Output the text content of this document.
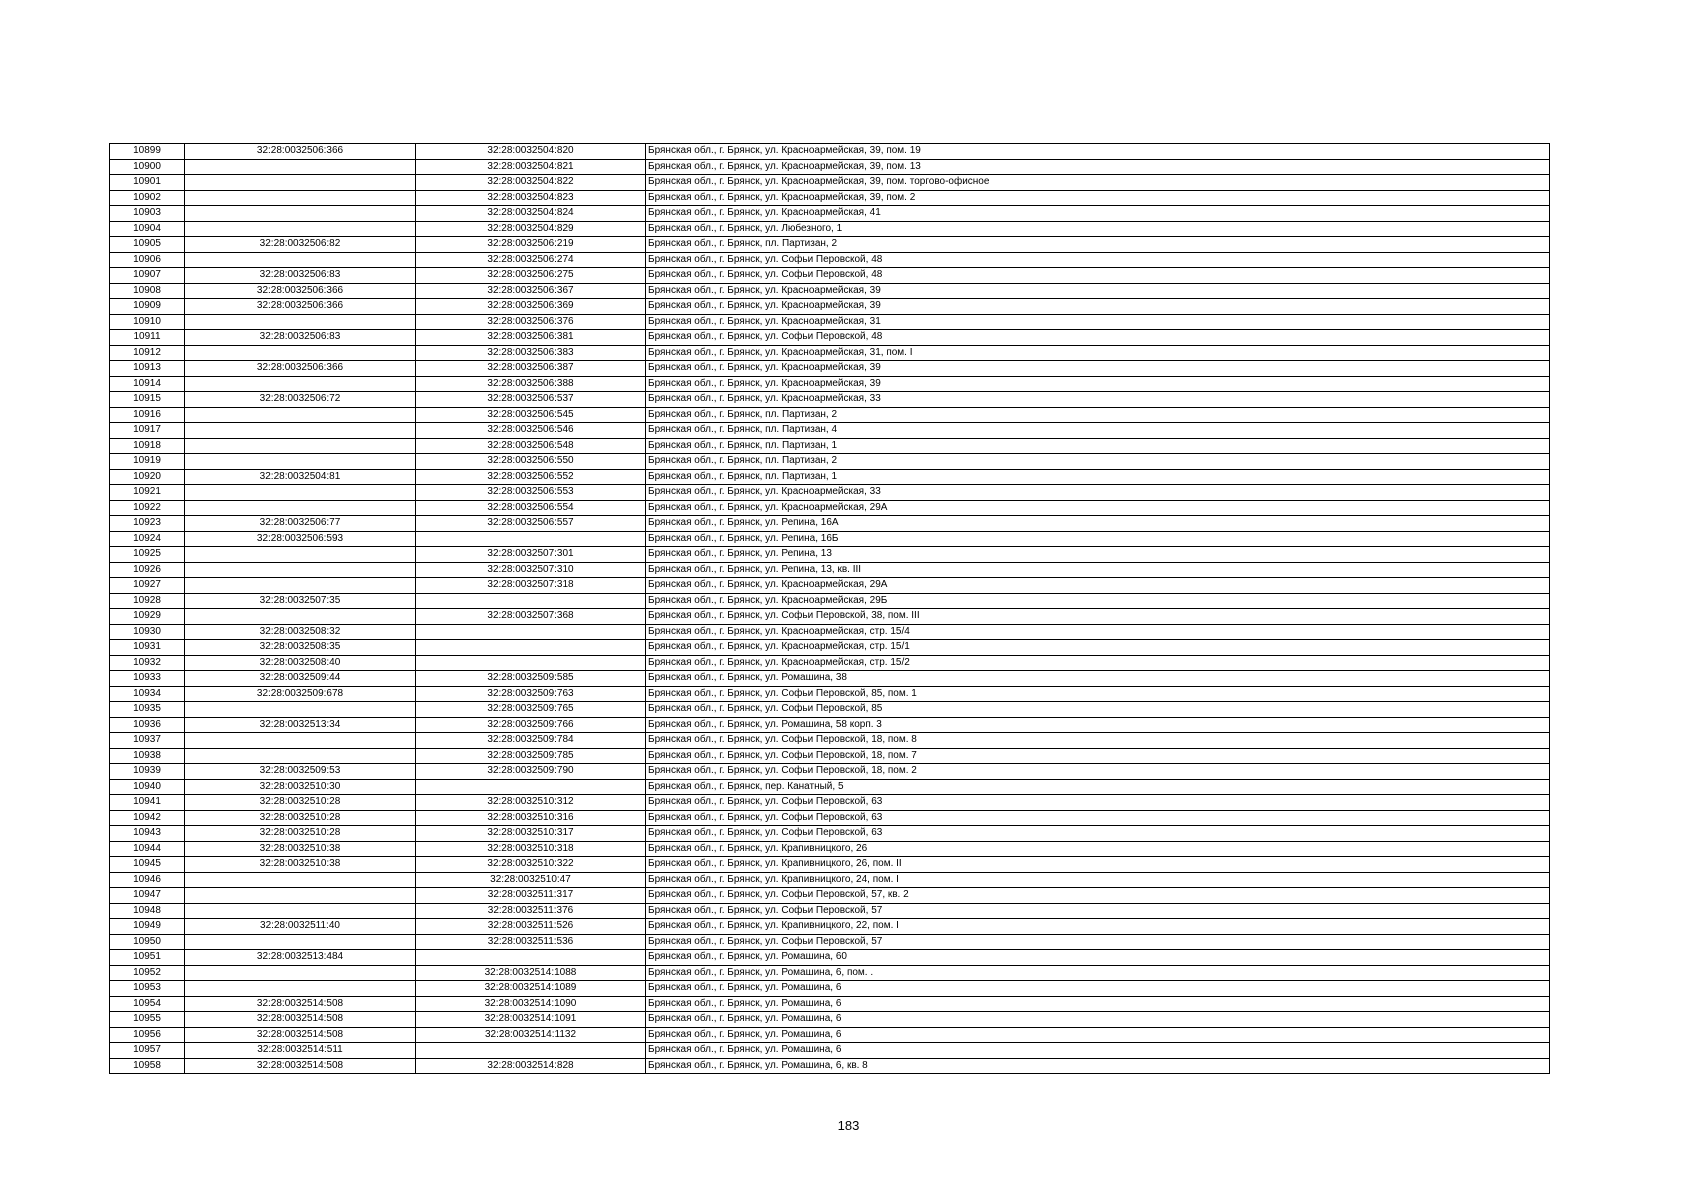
10899	32:28:0032506:366	32:28:0032504:820	Брянская обл., г. Брянск, ул. Красноармейская, 39, пом. 19
10900		32:28:0032504:821	Брянская обл., г. Брянск, ул. Красноармейская, 39, пом. 13
10901		32:28:0032504:822	Брянская обл., г. Брянск, ул. Красноармейская, 39, пом. торгово-офисное
10902		32:28:0032504:823	Брянская обл., г. Брянск, ул. Красноармейская, 39, пом. 2
10903		32:28:0032504:824	Брянская обл., г. Брянск, ул. Красноармейская, 41
10904		32:28:0032504:829	Брянская обл., г. Брянск, ул. Любезного, 1
10905	32:28:0032506:82	32:28:0032506:219	Брянская обл., г. Брянск, пл. Партизан, 2
10906		32:28:0032506:274	Брянская обл., г. Брянск, ул. Софьи Перовской, 48
10907	32:28:0032506:83	32:28:0032506:275	Брянская обл., г. Брянск, ул. Софьи Перовской, 48
10908	32:28:0032506:366	32:28:0032506:367	Брянская обл., г. Брянск, ул. Красноармейская, 39
10909	32:28:0032506:366	32:28:0032506:369	Брянская обл., г. Брянск, ул. Красноармейская, 39
10910		32:28:0032506:376	Брянская обл., г. Брянск, ул. Красноармейская, 31
10911	32:28:0032506:83	32:28:0032506:381	Брянская обл., г. Брянск, ул. Софьи Перовской, 48
10912		32:28:0032506:383	Брянская обл., г. Брянск, ул. Красноармейская, 31, пом. I
10913	32:28:0032506:366	32:28:0032506:387	Брянская обл., г. Брянск, ул. Красноармейская, 39
10914		32:28:0032506:388	Брянская обл., г. Брянск, ул. Красноармейская, 39
10915	32:28:0032506:72	32:28:0032506:537	Брянская обл., г. Брянск, ул. Красноармейская, 33
10916		32:28:0032506:545	Брянская обл., г. Брянск, пл. Партизан, 2
10917		32:28:0032506:546	Брянская обл., г. Брянск, пл. Партизан, 4
10918		32:28:0032506:548	Брянская обл., г. Брянск, пл. Партизан, 1
10919		32:28:0032506:550	Брянская обл., г. Брянск, пл. Партизан, 2
10920	32:28:0032504:81	32:28:0032506:552	Брянская обл., г. Брянск, пл. Партизан, 1
10921		32:28:0032506:553	Брянская обл., г. Брянск, ул. Красноармейская, 33
10922		32:28:0032506:554	Брянская обл., г. Брянск, ул. Красноармейская, 29А
10923	32:28:0032506:77	32:28:0032506:557	Брянская обл., г. Брянск, ул. Репина, 16А
10924	32:28:0032506:593		Брянская обл., г. Брянск, ул. Репина, 16Б
10925		32:28:0032507:301	Брянская обл., г. Брянск, ул. Репина, 13
10926		32:28:0032507:310	Брянская обл., г. Брянск, ул. Репина, 13, кв. III
10927		32:28:0032507:318	Брянская обл., г. Брянск, ул. Красноармейская, 29А
10928	32:28:0032507:35		Брянская обл., г. Брянск, ул. Красноармейская, 29Б
10929		32:28:0032507:368	Брянская обл., г. Брянск, ул. Софьи Перовской, 38, пом. III
10930	32:28:0032508:32		Брянская обл., г. Брянск, ул. Красноармейская, стр. 15/4
10931	32:28:0032508:35		Брянская обл., г. Брянск, ул. Красноармейская, стр. 15/1
10932	32:28:0032508:40		Брянская обл., г. Брянск, ул. Красноармейская, стр. 15/2
10933	32:28:0032509:44	32:28:0032509:585	Брянская обл., г. Брянск, ул. Ромашина, 38
10934	32:28:0032509:678	32:28:0032509:763	Брянская обл., г. Брянск, ул. Софьи Перовской, 85, пом. 1
10935		32:28:0032509:765	Брянская обл., г. Брянск, ул. Софьи Перовской, 85
10936	32:28:0032513:34	32:28:0032509:766	Брянская обл., г. Брянск, ул. Ромашина, 58 корп. 3
10937		32:28:0032509:784	Брянская обл., г. Брянск, ул. Софьи Перовской, 18, пом. 8
10938		32:28:0032509:785	Брянская обл., г. Брянск, ул. Софьи Перовской, 18, пом. 7
10939	32:28:0032509:53	32:28:0032509:790	Брянская обл., г. Брянск, ул. Софьи Перовской, 18, пом. 2
10940	32:28:0032510:30		Брянская обл., г. Брянск, пер. Канатный, 5
10941	32:28:0032510:28	32:28:0032510:312	Брянская обл., г. Брянск, ул. Софьи Перовской, 63
10942	32:28:0032510:28	32:28:0032510:316	Брянская обл., г. Брянск, ул. Софьи Перовской, 63
10943	32:28:0032510:28	32:28:0032510:317	Брянская обл., г. Брянск, ул. Софьи Перовской, 63
10944	32:28:0032510:38	32:28:0032510:318	Брянская обл., г. Брянск, ул. Крапивницкого, 26
10945	32:28:0032510:38	32:28:0032510:322	Брянская обл., г. Брянск, ул. Крапивницкого, 26, пом. II
10946		32:28:0032510:47	Брянская обл., г. Брянск, ул. Крапивницкого, 24, пом. I
10947		32:28:0032511:317	Брянская обл., г. Брянск, ул. Софьи Перовской, 57, кв. 2
10948		32:28:0032511:376	Брянская обл., г. Брянск, ул. Софьи Перовской, 57
10949	32:28:0032511:40	32:28:0032511:526	Брянская обл., г. Брянск, ул. Крапивницкого, 22, пом. I
10950		32:28:0032511:536	Брянская обл., г. Брянск, ул. Софьи Перовской, 57
10951	32:28:0032513:484		Брянская обл., г. Брянск, ул. Ромашина, 60
10952		32:28:0032514:1088	Брянская обл., г. Брянск, ул. Ромашина, 6, пом. .
10953		32:28:0032514:1089	Брянская обл., г. Брянск, ул. Ромашина, 6
10954	32:28:0032514:508	32:28:0032514:1090	Брянская обл., г. Брянск, ул. Ромашина, 6
10955	32:28:0032514:508	32:28:0032514:1091	Брянская обл., г. Брянск, ул. Ромашина, 6
10956	32:28:0032514:508	32:28:0032514:1132	Брянская обл., г. Брянск, ул. Ромашина, 6
10957	32:28:0032514:511		Брянская обл., г. Брянск, ул. Ромашина, 6
10958	32:28:0032514:508	32:28:0032514:828	Брянская обл., г. Брянск, ул. Ромашина, 6, кв. 8
183
